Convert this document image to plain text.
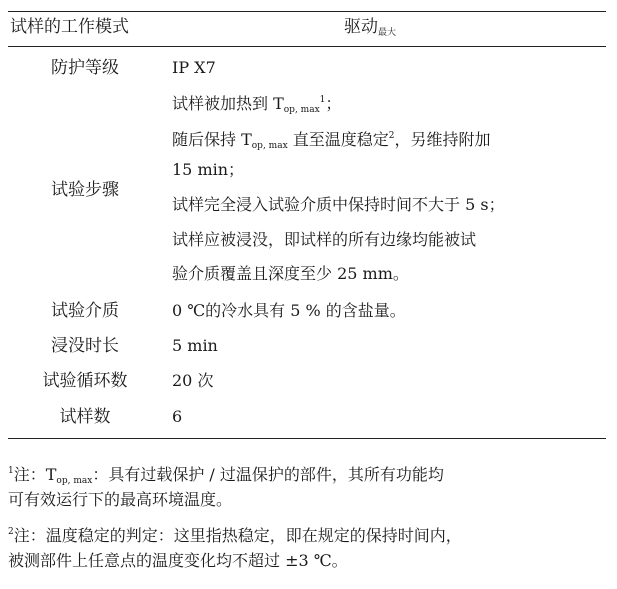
试样的工作模式	驱动$_{最大}$
防护等级	IP X7
试验步骤
试样被加热到 $T_{op, max}^1$；
随后保持 $T_{op, max}$ 直至温度稳定$^2$，另维持附加
15 min；
试样完全浸入试验介质中保持时间不大于 5 s；
试样应被浸没，即试样的所有边缘均能被试
验介质覆盖且深度至少 25 mm。
试验介质	0 ℃的冷水具有 5 % 的含盐量。
浸没时长	5 min
试验循环数	20 次
试样数	6
$^1$注：$T_{op, max}$：具有过载保护 / 过温保护的部件，其所有功能均
可有效运行下的最高环境温度。
$^2$注：温度稳定的判定：这里指热稳定，即在规定的保持时间内，
被测部件上任意点的温度变化均不超过 ±3 ℃。
